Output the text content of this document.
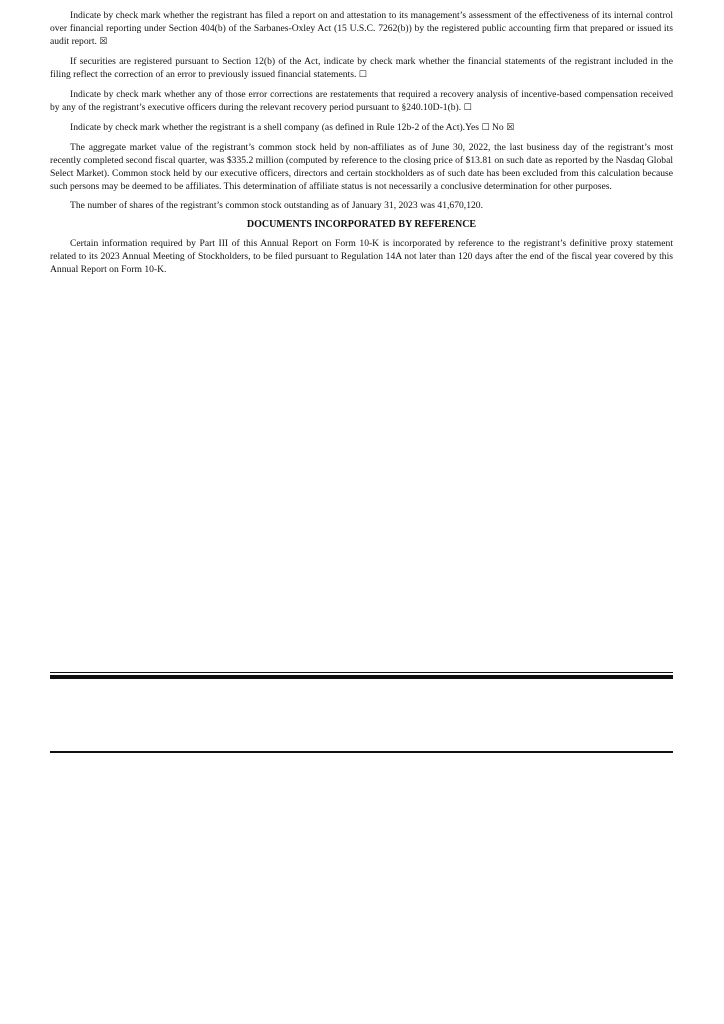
Indicate by check mark whether the registrant has filed a report on and attestation to its management’s assessment of the effectiveness of its internal control over financial reporting under Section 404(b) of the Sarbanes-Oxley Act (15 U.S.C. 7262(b)) by the registered public accounting firm that prepared or issued its audit report. ☒

If securities are registered pursuant to Section 12(b) of the Act, indicate by check mark whether the financial statements of the registrant included in the filing reflect the correction of an error to previously issued financial statements. ☐

Indicate by check mark whether any of those error corrections are restatements that required a recovery analysis of incentive-based compensation received by any of the registrant’s executive officers during the relevant recovery period pursuant to §240.10D-1(b). ☐

Indicate by check mark whether the registrant is a shell company (as defined in Rule 12b-2 of the Act).Yes ☐ No ☒

The aggregate market value of the registrant’s common stock held by non-affiliates as of June 30, 2022, the last business day of the registrant’s most recently completed second fiscal quarter, was $335.2 million (computed by reference to the closing price of $13.81 on such date as reported by the Nasdaq Global Select Market). Common stock held by our executive officers, directors and certain stockholders as of such date has been excluded from this calculation because such persons may be deemed to be affiliates. This determination of affiliate status is not necessarily a conclusive determination for other purposes.

The number of shares of the registrant’s common stock outstanding as of January 31, 2023 was 41,670,120.

DOCUMENTS INCORPORATED BY REFERENCE

Certain information required by Part III of this Annual Report on Form 10-K is incorporated by reference to the registrant’s definitive proxy statement related to its 2023 Annual Meeting of Stockholders, to be filed pursuant to Regulation 14A not later than 120 days after the end of the fiscal year covered by this Annual Report on Form 10-K.
